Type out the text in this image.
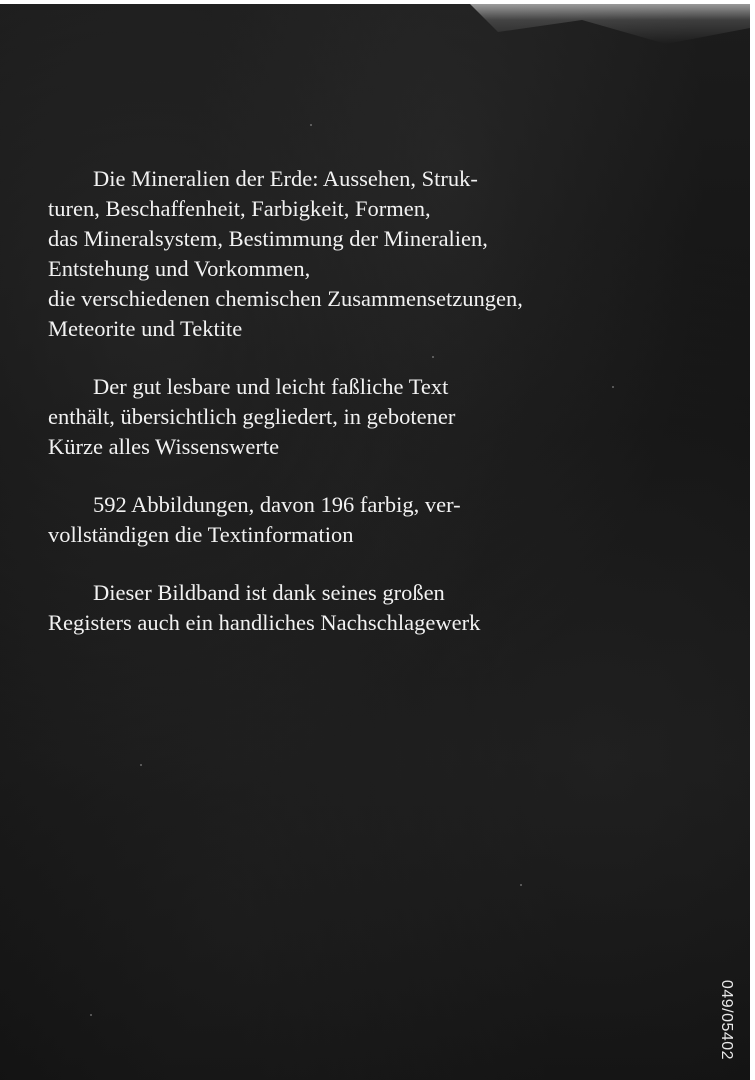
Die Mineralien der Erde: Aussehen, Struk-
turen, Beschaffenheit, Farbigkeit, Formen,
das Mineralsystem, Bestimmung der Mineralien,
Entstehung und Vorkommen,
die verschiedenen chemischen Zusammensetzungen,
Meteorite und Tektite

Der gut lesbare und leicht faßliche Text
enthält, übersichtlich gegliedert, in gebotener
Kürze alles Wissenswerte

592 Abbildungen, davon 196 farbig, ver-
vollständigen die Textinformation

Dieser Bildband ist dank seines großen
Registers auch ein handliches Nachschlagewerk

049/05402
